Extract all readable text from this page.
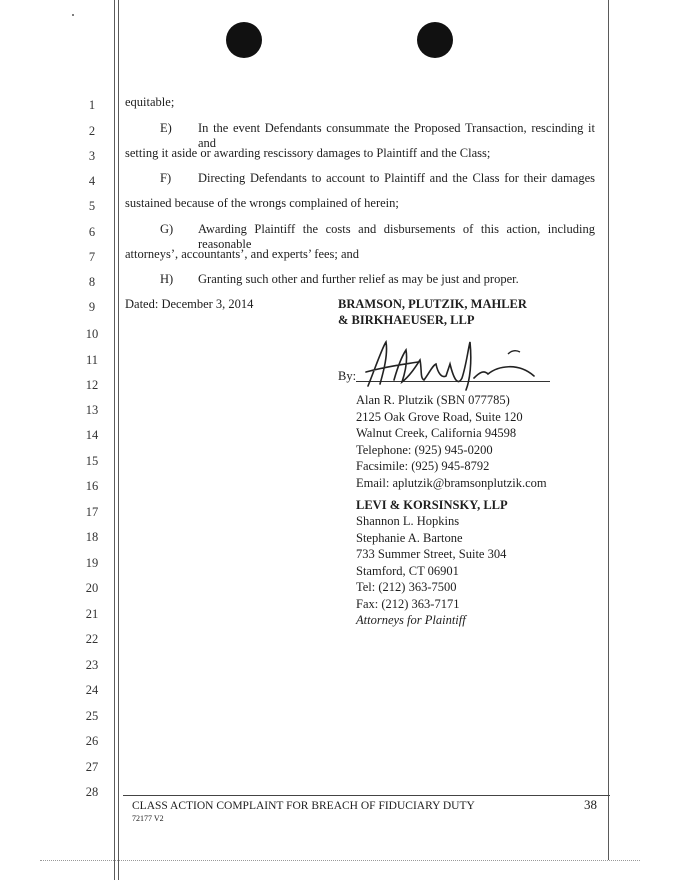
1
2
3
4
5
6
7
8
9
10
11
12
13
14
15
16
17
18
19
20
21
22
23
24
25
26
27
28
equitable;
E) In the event Defendants consummate the Proposed Transaction, rescinding it and
setting it aside or awarding rescissory damages to Plaintiff and the Class;
F) Directing Defendants to account to Plaintiff and the Class for their damages
sustained because of the wrongs complained of herein;
G) Awarding Plaintiff the costs and disbursements of this action, including reasonable
attorneys’, accountants’, and experts’ fees; and
H) Granting such other and further relief as may be just and proper.
Dated: December 3, 2014	BRAMSON, PLUTZIK, MAHLER
& BIRKHAEUSER, LLP
By:
Alan R. Plutzik (SBN 077785)
2125 Oak Grove Road, Suite 120
Walnut Creek, California 94598
Telephone: (925) 945-0200
Facsimile: (925) 945-8792
Email: aplutzik@bramsonplutzik.com
LEVI & KORSINSKY, LLP
Shannon L. Hopkins
Stephanie A. Bartone
733 Summer Street, Suite 304
Stamford, CT 06901
Tel: (212) 363-7500
Fax: (212) 363-7171
Attorneys for Plaintiff
CLASS ACTION COMPLAINT FOR BREACH OF FIDUCIARY DUTY
72177 V2
38
